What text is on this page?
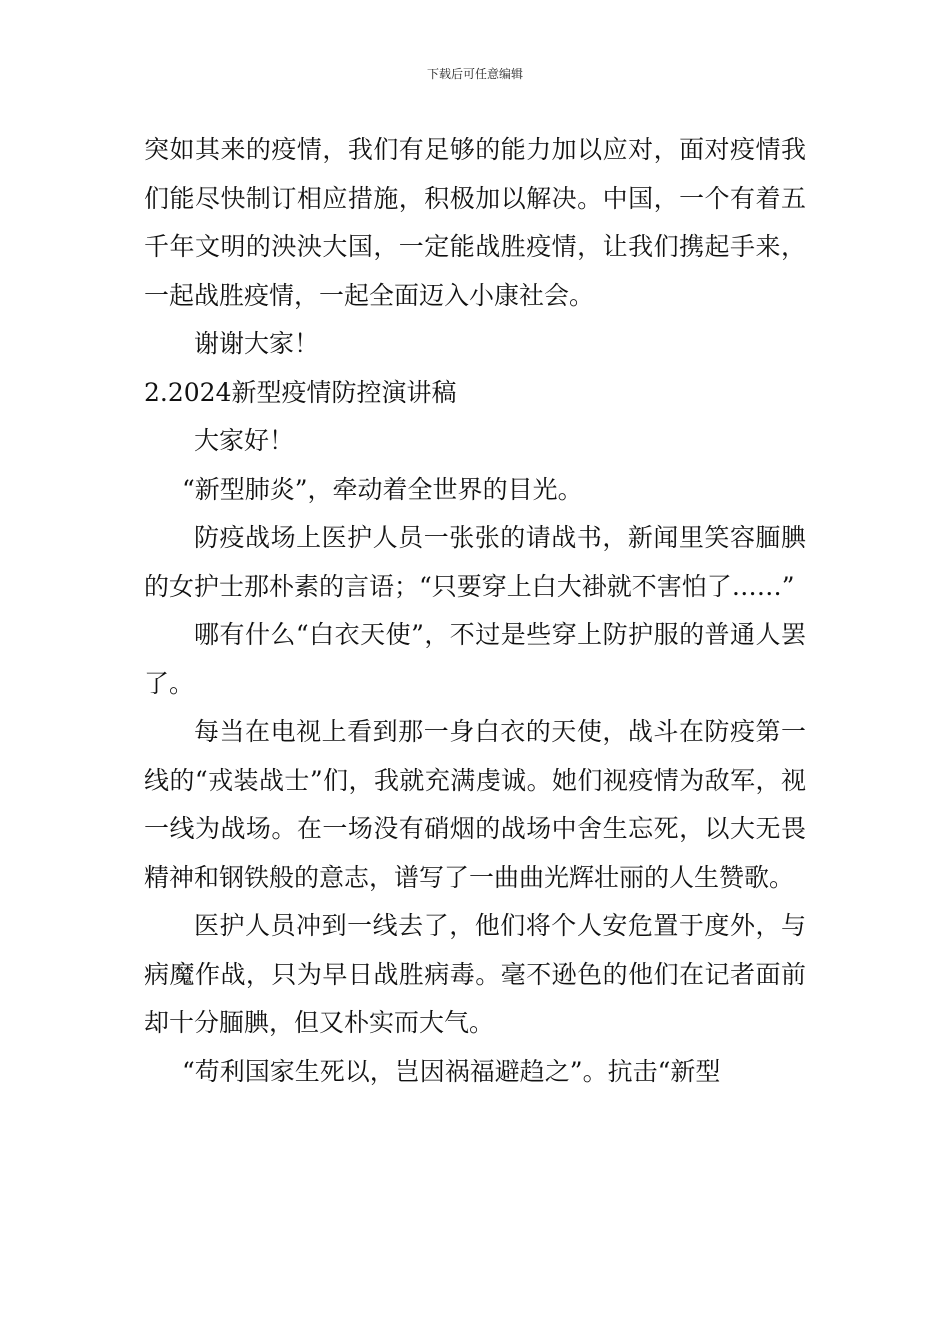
下载后可任意编辑

突如其来的疫情，我们有足够的能力加以应对，面对疫情我们能尽快制订相应措施，积极加以解决。中国，一个有着五千年文明的泱泱大国，一定能战胜疫情，让我们携起手来，一起战胜疫情，一起全面迈入小康社会。

谢谢大家！

2.2024新型疫情防控演讲稿

大家好！

“新型肺炎”，牵动着全世界的目光。

防疫战场上医护人员一张张的请战书，新闻里笑容腼腆的女护士那朴素的言语；“只要穿上白大褂就不害怕了……”

哪有什么“白衣天使”，不过是些穿上防护服的普通人罢了。

每当在电视上看到那一身白衣的天使，战斗在防疫第一线的“戎装战士”们，我就充满虔诚。她们视疫情为敌军，视一线为战场。在一场没有硝烟的战场中舍生忘死，以大无畏精神和钢铁般的意志，谱写了一曲曲光辉壮丽的人生赞歌。

医护人员冲到一线去了，他们将个人安危置于度外，与病魔作战，只为早日战胜病毒。毫不逊色的他们在记者面前却十分腼腆，但又朴实而大气。

“苟利国家生死以，岂因祸福避趋之”。抗击“新型
